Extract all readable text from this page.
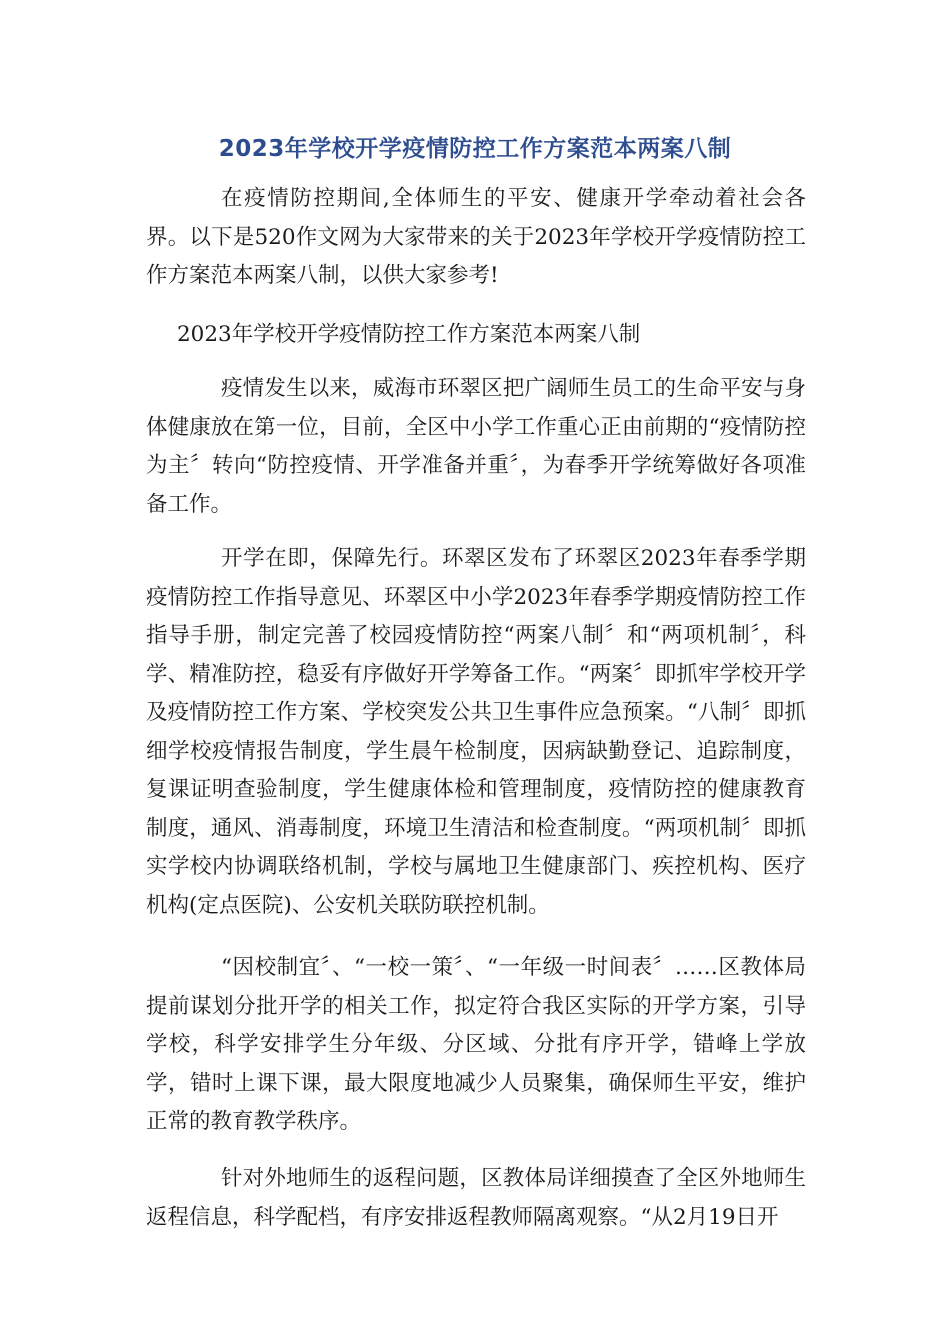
2023年学校开学疫情防控工作方案范本两案八制

在疫情防控期间,全体师生的平安、健康开学牵动着社会各界。以下是520作文网为大家带来的关于2023年学校开学疫情防控工作方案范本两案八制，以供大家参考!

2023年学校开学疫情防控工作方案范本两案八制

疫情发生以来，威海市环翠区把广阔师生员工的生命平安与身体健康放在第一位，目前，全区中小学工作重心正由前期的“疫情防控为主〞转向“防控疫情、开学准备并重〞，为春季开学统筹做好各项准备工作。

开学在即，保障先行。环翠区发布了环翠区2023年春季学期疫情防控工作指导意见、环翠区中小学2023年春季学期疫情防控工作指导手册，制定完善了校园疫情防控“两案八制〞和“两项机制〞，科学、精准防控，稳妥有序做好开学筹备工作。“两案〞即抓牢学校开学及疫情防控工作方案、学校突发公共卫生事件应急预案。“八制〞即抓细学校疫情报告制度，学生晨午检制度，因病缺勤登记、追踪制度，复课证明查验制度，学生健康体检和管理制度，疫情防控的健康教育制度，通风、消毒制度，环境卫生清洁和检查制度。“两项机制〞即抓实学校内协调联络机制，学校与属地卫生健康部门、疾控机构、医疗机构(定点医院)、公安机关联防联控机制。

“因校制宜〞、“一校一策〞、“一年级一时间表〞……区教体局提前谋划分批开学的相关工作，拟定符合我区实际的开学方案，引导学校，科学安排学生分年级、分区域、分批有序开学，错峰上学放学，错时上课下课，最大限度地减少人员聚集，确保师生平安，维护正常的教育教学秩序。

针对外地师生的返程问题，区教体局详细摸查了全区外地师生返程信息，科学配档，有序安排返程教师隔离观察。“从2月19日开
